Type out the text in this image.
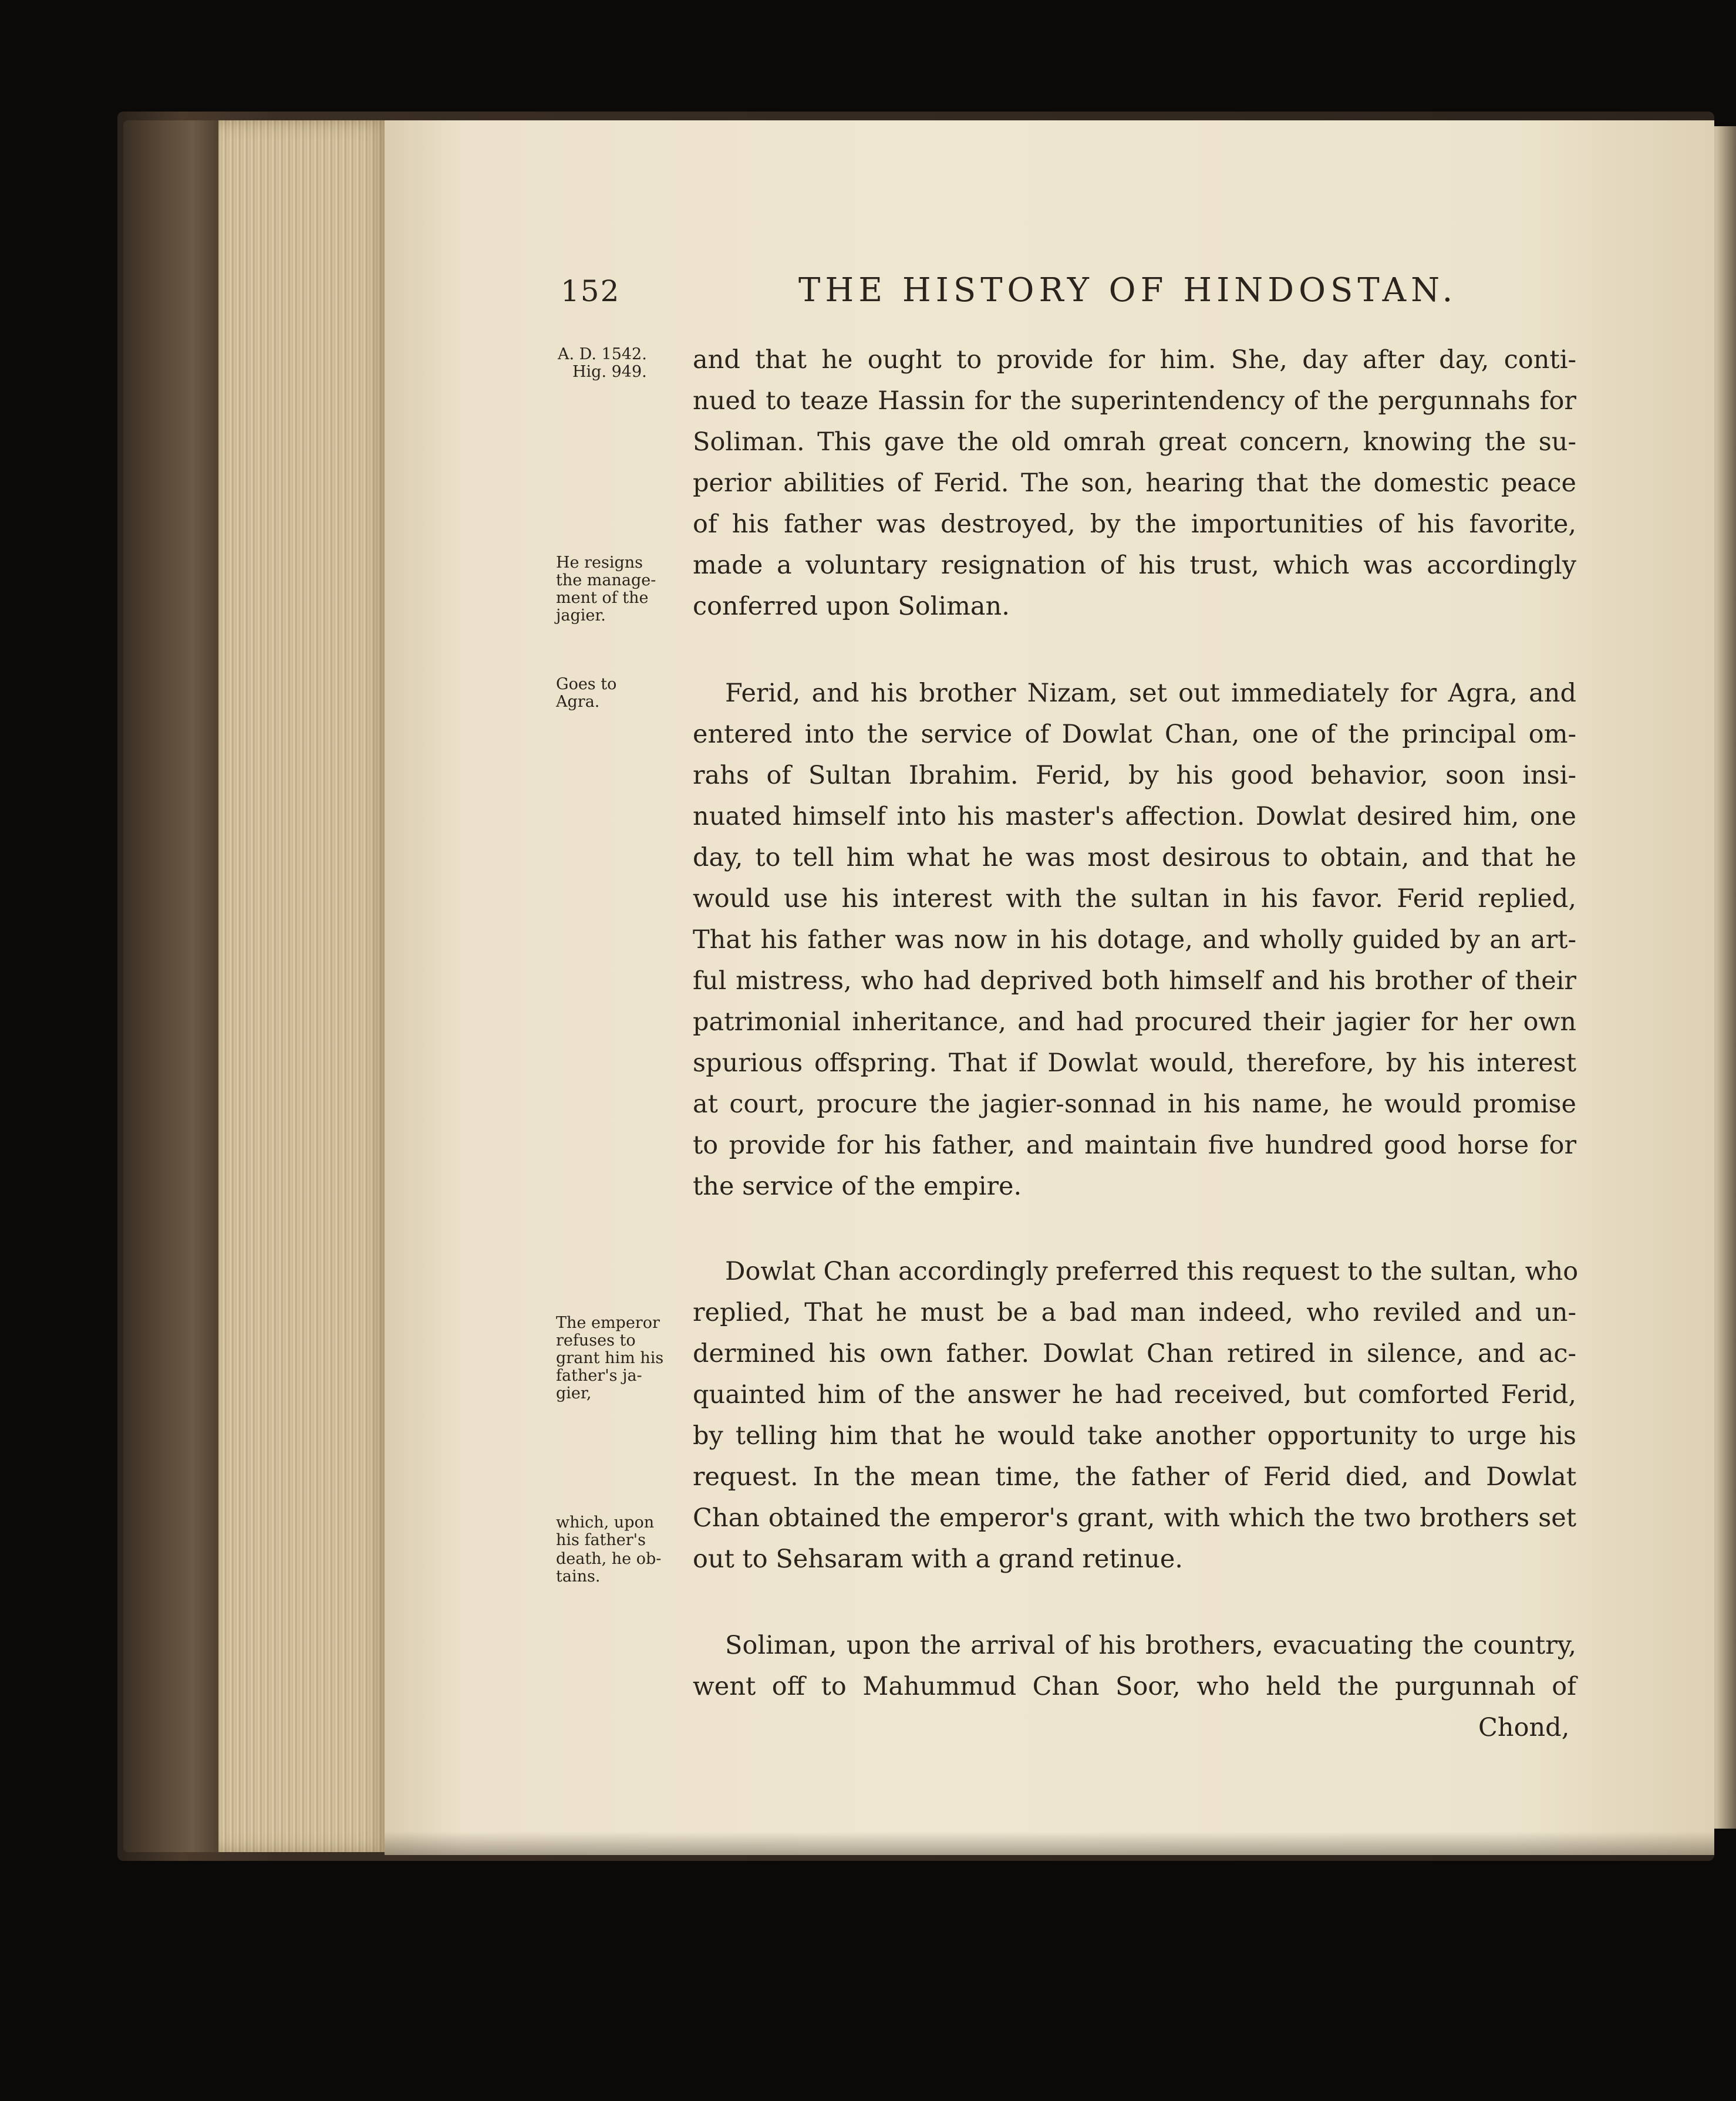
152	THE HISTORY OF HINDOSTAN.
A. D. 1542.
Hig. 949.
He resigns
the manage-
ment of the
jagier.
Goes to
Agra.
The emperor
refuses to
grant him his
father's ja-
gier,
which, upon
his father's
death, he ob-
tains.
and that he ought to provide for him. She, day after day, conti-
nued to teaze Hassin for the superintendency of the pergunnahs for
Soliman. This gave the old omrah great concern, knowing the su-
perior abilities of Ferid. The son, hearing that the domestic peace
of his father was destroyed, by the importunities of his favorite,
made a voluntary resignation of his trust, which was accordingly
conferred upon Soliman.
Ferid, and his brother Nizam, set out immediately for Agra, and
entered into the service of Dowlat Chan, one of the principal om-
rahs of Sultan Ibrahim. Ferid, by his good behavior, soon insi-
nuated himself into his master's affection. Dowlat desired him, one
day, to tell him what he was most desirous to obtain, and that he
would use his interest with the sultan in his favor. Ferid replied,
That his father was now in his dotage, and wholly guided by an art-
ful mistress, who had deprived both himself and his brother of their
patrimonial inheritance, and had procured their jagier for her own
spurious offspring. That if Dowlat would, therefore, by his interest
at court, procure the jagier-sonnad in his name, he would promise
to provide for his father, and maintain five hundred good horse for
the service of the empire.
Dowlat Chan accordingly preferred this request to the sultan, who
replied, That he must be a bad man indeed, who reviled and un-
dermined his own father. Dowlat Chan retired in silence, and ac-
quainted him of the answer he had received, but comforted Ferid,
by telling him that he would take another opportunity to urge his
request. In the mean time, the father of Ferid died, and Dowlat
Chan obtained the emperor's grant, with which the two brothers set
out to Sehsaram with a grand retinue.
Soliman, upon the arrival of his brothers, evacuating the country,
went off to Mahummud Chan Soor, who held the purgunnah of
Chond,
